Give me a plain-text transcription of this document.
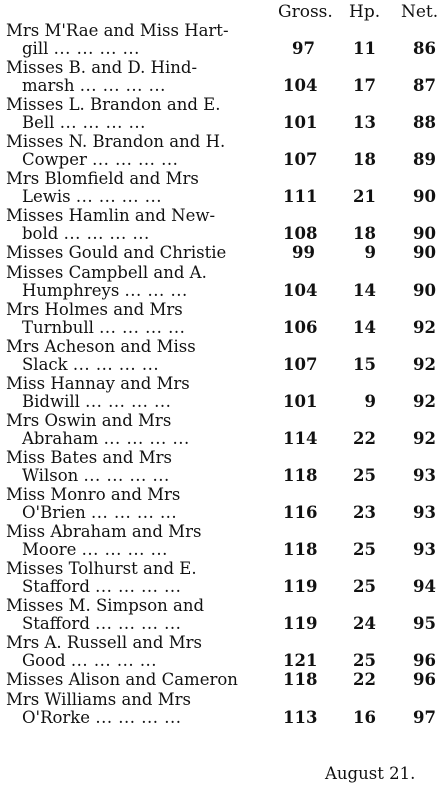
Gross. Hp. Net.
Mrs M'Rae and Miss Hart-
gill ... ... ... ...	97	11	86
Misses B. and D. Hind-
marsh ... ... ... ...	104	17	87
Misses L. Brandon and E.
Bell ... ... ... ...	101	13	88
Misses N. Brandon and H.
Cowper ... ... ... ...	107	18	89
Mrs Blomfield and Mrs
Lewis ... ... ... ...	111	21	90
Misses Hamlin and New-
bold ... ... ... ...	108	18	90
Misses Gould and Christie	99	9	90
Misses Campbell and A.
Humphreys ... ... ...	104	14	90
Mrs Holmes and Mrs
Turnbull ... ... ... ...	106	14	92
Mrs Acheson and Miss
Slack ... ... ... ...	107	15	92
Miss Hannay and Mrs
Bidwill ... ... ... ...	101	9	92
Mrs Oswin and Mrs
Abraham ... ... ... ...	114	22	92
Miss Bates and Mrs
Wilson ... ... ... ...	118	25	93
Miss Monro and Mrs
O'Brien ... ... ... ...	116	23	93
Miss Abraham and Mrs
Moore ... ... ... ...	118	25	93
Misses Tolhurst and E.
Stafford ... ... ... ...	119	25	94
Misses M. Simpson and
Stafford ... ... ... ...	119	24	95
Mrs A. Russell and Mrs
Good ... ... ... ...	121	25	96
Misses Alison and Cameron	118	22	96
Mrs Williams and Mrs
O'Rorke ... ... ... ...	113	16	97
August 21.
